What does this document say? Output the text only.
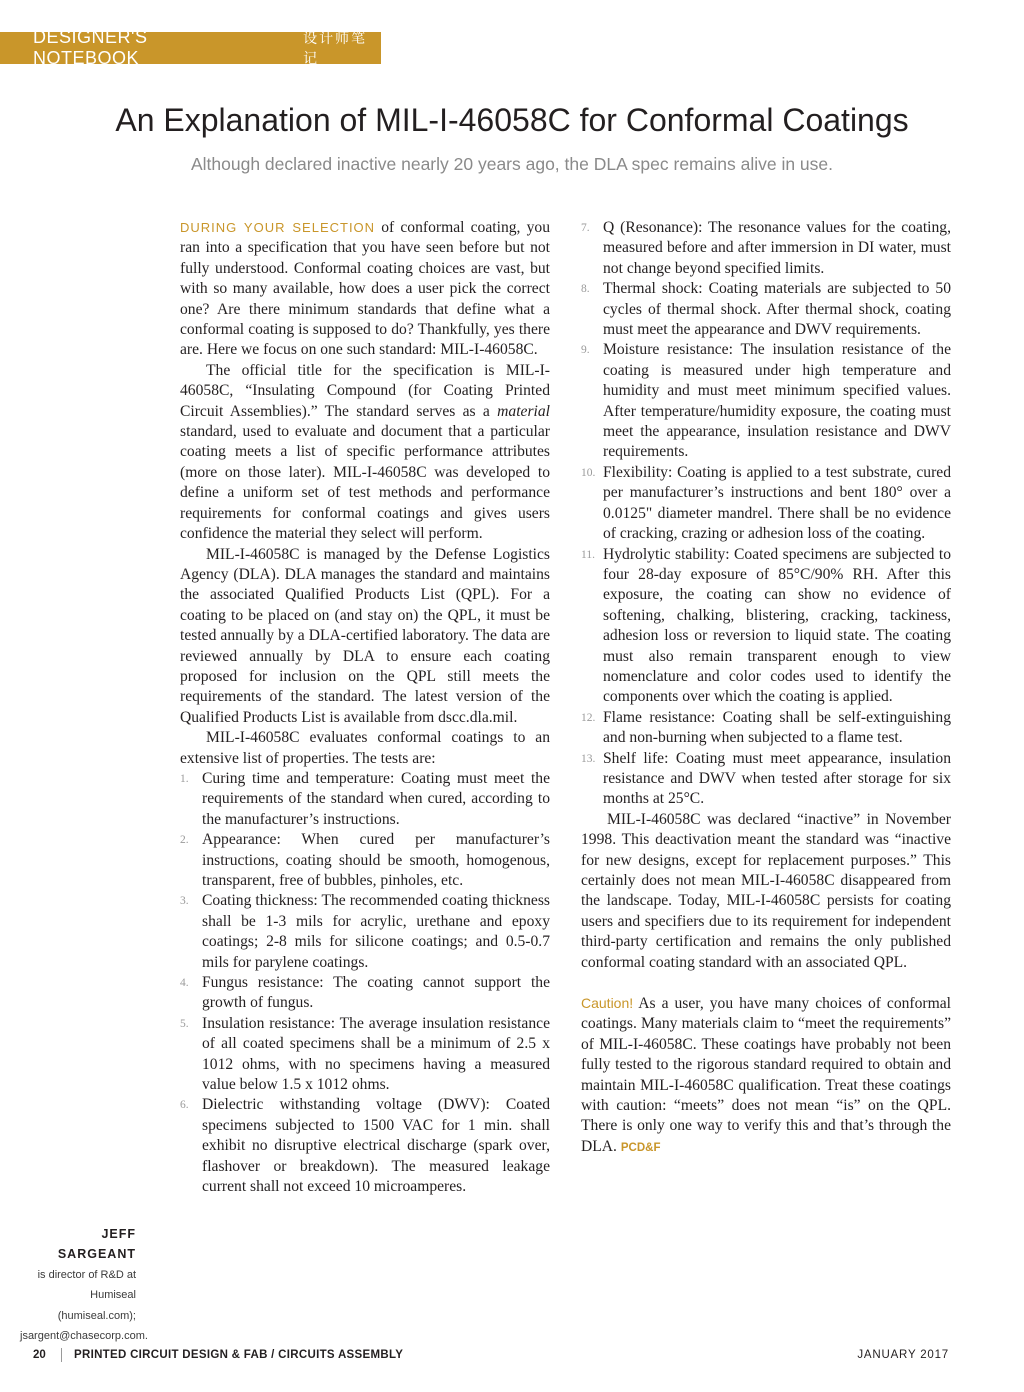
DESIGNER'S NOTEBOOK
设计师笔记
An Explanation of MIL-I-46058C for Conformal Coatings
Although declared inactive nearly 20 years ago, the DLA spec remains alive in use.

DURING YOUR SELECTION of conformal coating, you ran into a specification that you have seen before but not fully understood. Conformal coating choices are vast, but with so many available, how does a user pick the correct one? Are there minimum standards that define what a conformal coating is supposed to do? Thankfully, yes there are. Here we focus on one such standard: MIL-I-46058C.

The official title for the specification is MIL-I-46058C, “Insulating Compound (for Coating Printed Circuit Assemblies).” The standard serves as a material standard, used to evaluate and document that a particular coating meets a list of specific performance attributes (more on those later). MIL-I-46058C was developed to define a uniform set of test methods and performance requirements for conformal coatings and gives users confidence the material they select will perform.

MIL-I-46058C is managed by the Defense Logistics Agency (DLA). DLA manages the standard and maintains the associated Qualified Products List (QPL). For a coating to be placed on (and stay on) the QPL, it must be tested annually by a DLA-certified laboratory. The data are reviewed annually by DLA to ensure each coating proposed for inclusion on the QPL still meets the requirements of the standard. The latest version of the Qualified Products List is available from dscc.dla.mil.

MIL-I-46058C evaluates conformal coatings to an extensive list of properties. The tests are:

1. Curing time and temperature: Coating must meet the requirements of the standard when cured, according to the manufacturer’s instructions.
2. Appearance: When cured per manufacturer’s instructions, coating should be smooth, homogenous, transparent, free of bubbles, pinholes, etc.
3. Coating thickness: The recommended coating thickness shall be 1-3 mils for acrylic, urethane and epoxy coatings; 2-8 mils for silicone coatings; and 0.5-0.7 mils for parylene coatings.
4. Fungus resistance: The coating cannot support the growth of fungus.
5. Insulation resistance: The average insulation resistance of all coated specimens shall be a minimum of 2.5 x 1012 ohms, with no specimens having a measured value below 1.5 x 1012 ohms.
6. Dielectric withstanding voltage (DWV): Coated specimens subjected to 1500 VAC for 1 min. shall exhibit no disruptive electrical discharge (spark over, flashover or breakdown). The measured leakage current shall not exceed 10 microamperes.
7. Q (Resonance): The resonance values for the coating, measured before and after immersion in DI water, must not change beyond specified limits.
8. Thermal shock: Coating materials are subjected to 50 cycles of thermal shock. After thermal shock, coating must meet the appearance and DWV requirements.
9. Moisture resistance: The insulation resistance of the coating is measured under high temperature and humidity and must meet minimum specified values. After temperature/humidity exposure, the coating must meet the appearance, insulation resistance and DWV requirements.
10. Flexibility: Coating is applied to a test substrate, cured per manufacturer’s instructions and bent 180° over a 0.0125" diameter mandrel. There shall be no evidence of cracking, crazing or adhesion loss of the coating.
11. Hydrolytic stability: Coated specimens are subjected to four 28-day exposure of 85°C/90% RH. After this exposure, the coating can show no evidence of softening, chalking, blistering, cracking, tackiness, adhesion loss or reversion to liquid state. The coating must also remain transparent enough to view nomenclature and color codes used to identify the components over which the coating is applied.
12. Flame resistance: Coating shall be self-extinguishing and non-burning when subjected to a flame test.
13. Shelf life: Coating must meet appearance, insulation resistance and DWV when tested after storage for six months at 25°C.

MIL-I-46058C was declared “inactive” in November 1998. This deactivation meant the standard was “inactive for new designs, except for replacement purposes.” This certainly does not mean MIL-I-46058C disappeared from the landscape. Today, MIL-I-46058C persists for coating users and specifiers due to its requirement for independent third-party certification and remains the only published conformal coating standard with an associated QPL.

Caution! As a user, you have many choices of conformal coatings. Many materials claim to “meet the requirements” of MIL-I-46058C. These coatings have probably not been fully tested to the rigorous standard required to obtain and maintain MIL-I-46058C qualification. Treat these coatings with caution: “meets” does not mean “is” on the QPL. There is only one way to verify this and that’s through the DLA. PCD&F

JEFF SARGEANT
is director of R&D at Humiseal (humiseal.com); jsargent@chasecorp.com.
20 PRINTED CIRCUIT DESIGN & FAB / CIRCUITS ASSEMBLY	JANUARY 2017
